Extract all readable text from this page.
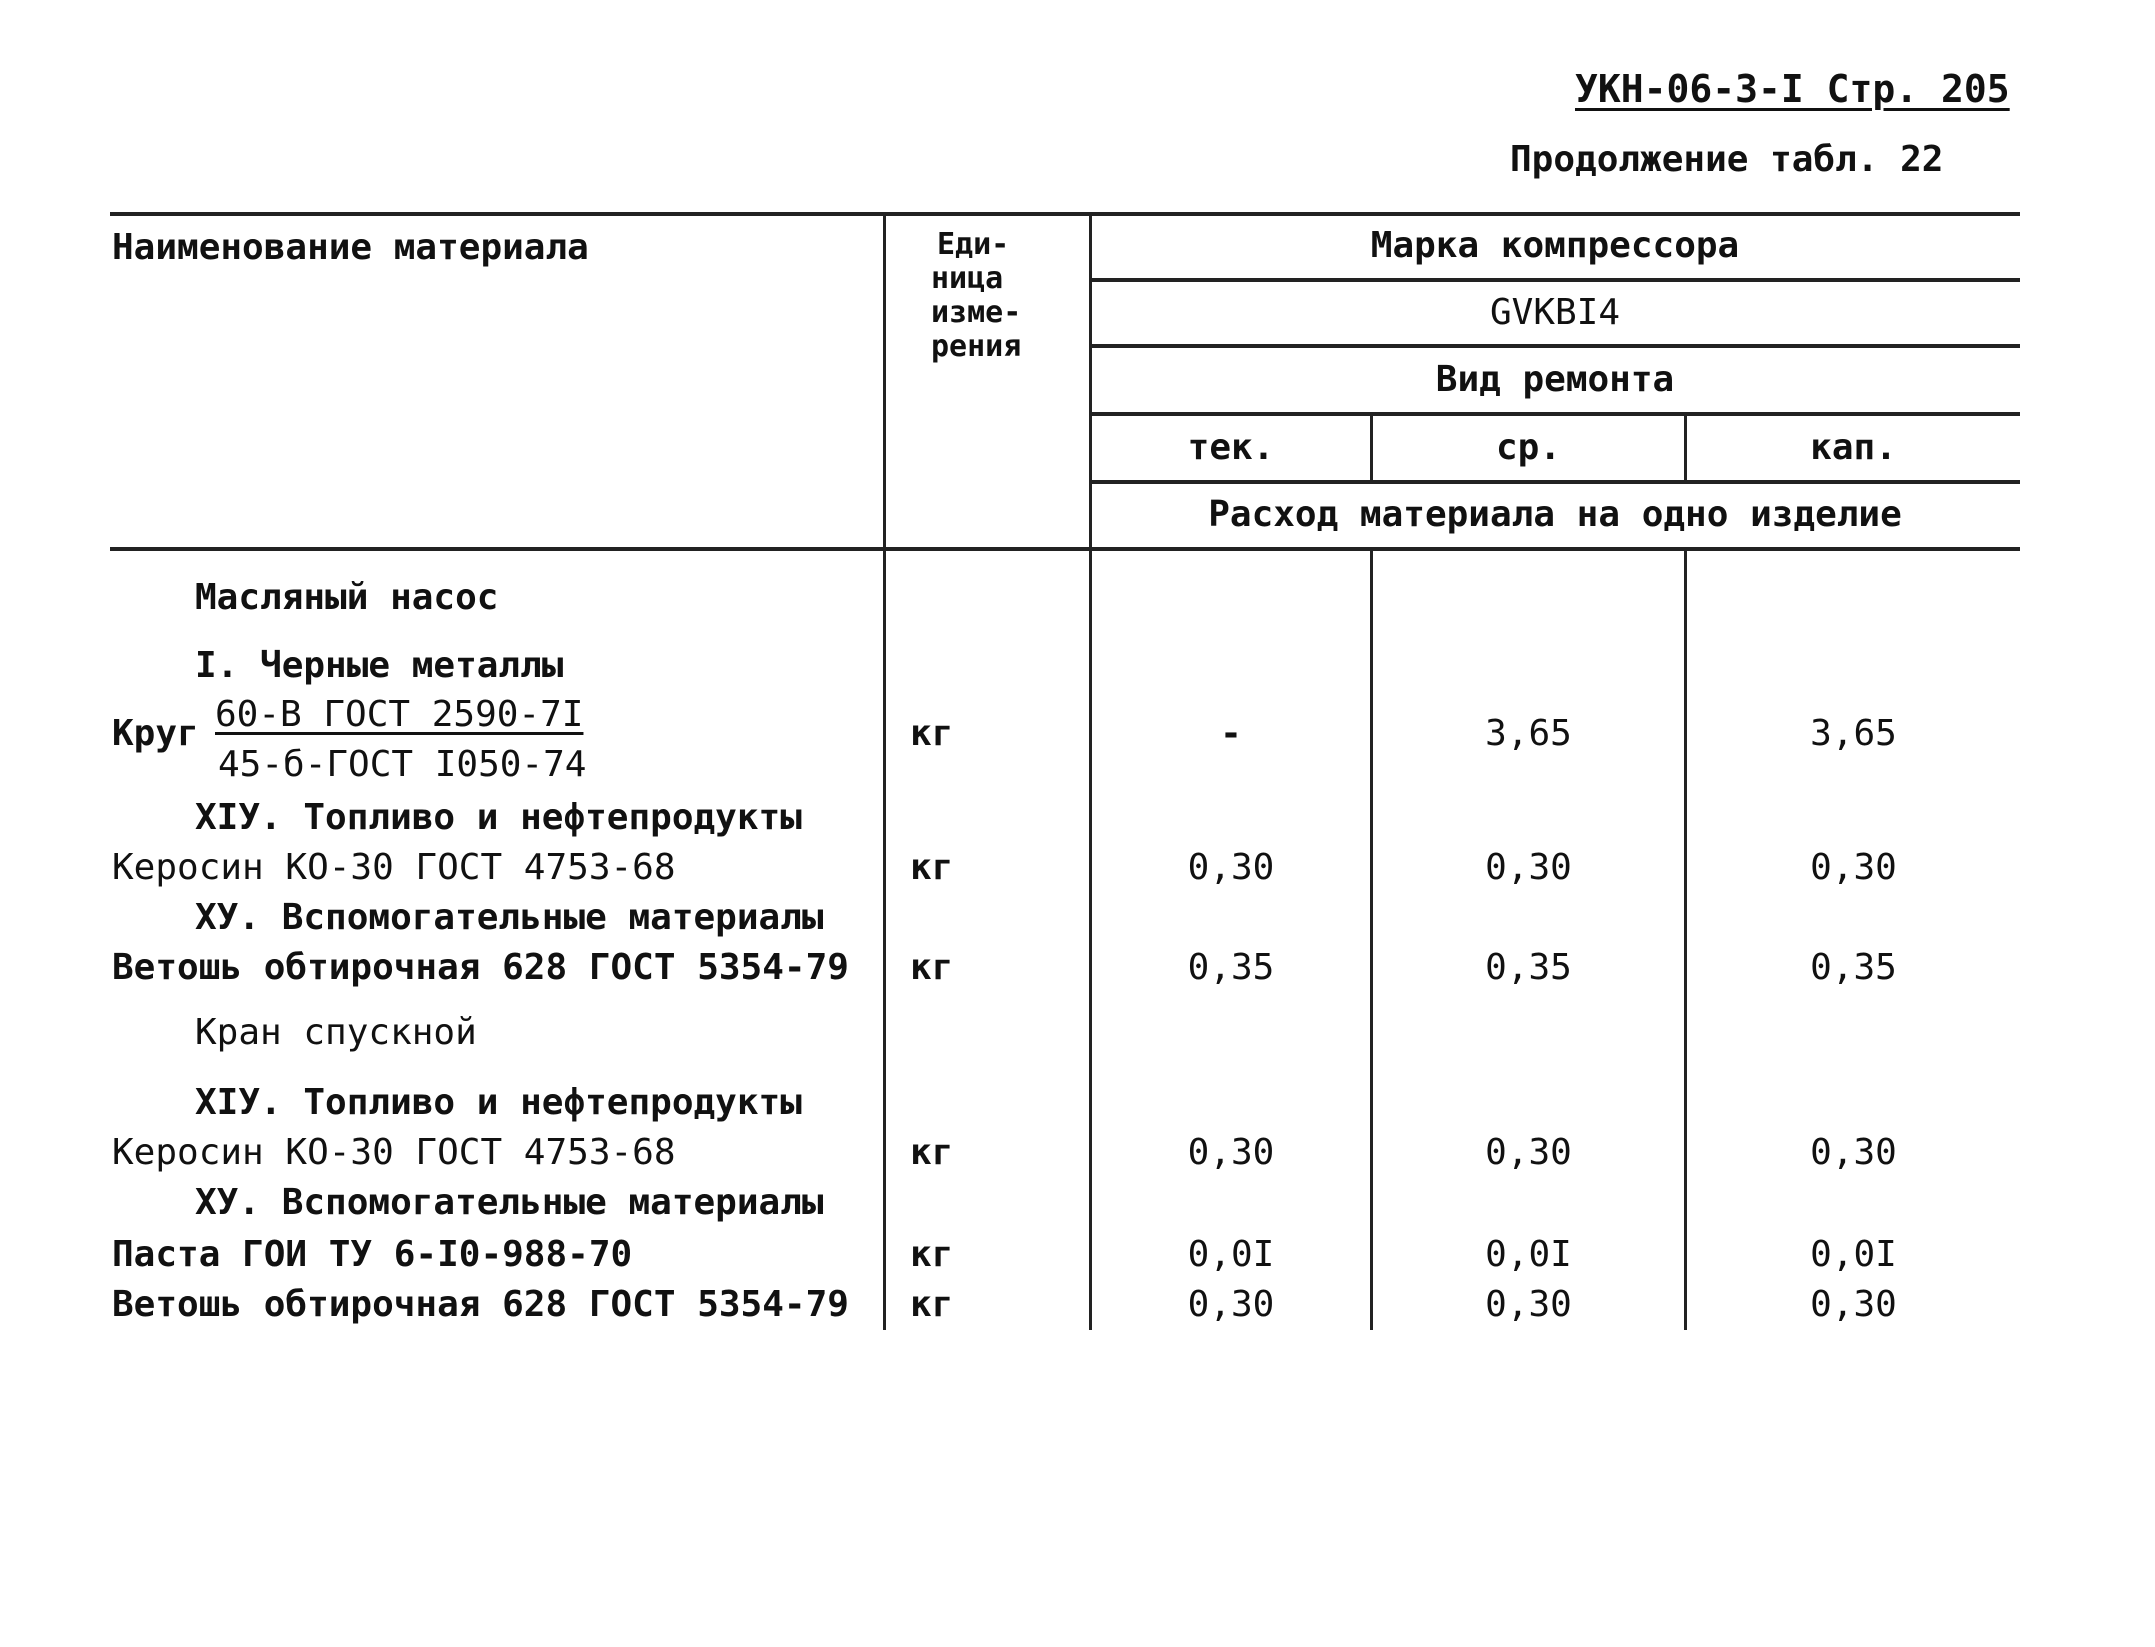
УКН-06-3-I Стр. 205
Продолжение табл. 22
Наименование материала	Еди-
ница
изме-
рения
Марка компрессора
GVKBI4
Вид ремонта
тек.	ср.	кап.
Расход материала на одно изделие
Масляный насос
I. Черные металлы
Круг 60-В ГОСТ 2590-7I
45-б-ГОСТ I050-74
кг	-	3,65	3,65
XIУ. Топливо и нефтепродукты
Керосин КО-30 ГОСТ 4753-68	кг	0,30	0,30	0,30
ХУ. Вспомогательные материалы
Ветошь обтирочная 628 ГОСТ 5354-79 кг	0,35	0,35	0,35
Кран спускной
XIУ. Топливо и нефтепродукты
Керосин КО-30 ГОСТ 4753-68	кг	0,30	0,30	0,30
ХУ. Вспомогательные материалы
Паста ГОИ ТУ 6-I0-988-70	кг	0,0I	0,0I	0,0I
Ветошь обтирочная 628 ГОСТ 5354-79 кг	0,30	0,30	0,30
